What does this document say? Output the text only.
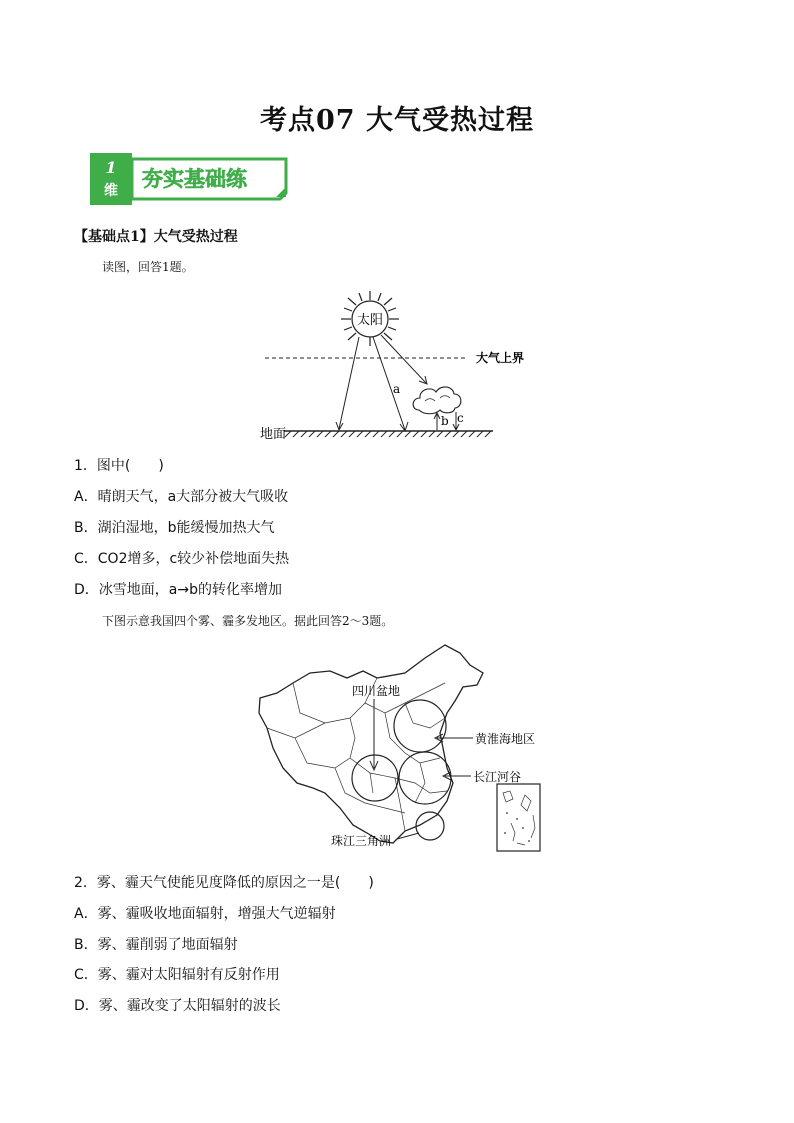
考点07 大气受热过程
1
维 夯实基础练
【基础点1】大气受热过程
读图，回答1题。
太阳
大气上界
a
b c
地面
1．图中(　　)
A．晴朗天气，a大部分被大气吸收
B．湖泊湿地，b能缓慢加热大气
C．CO2增多，c较少补偿地面失热
D．冰雪地面，a→b的转化率增加
下图示意我国四个雾、霾多发地区。据此回答2～3题。
四川盆地
黄淮海地区
长江河谷
珠江三角洲
2．雾、霾天气使能见度降低的原因之一是(　　)
A．雾、霾吸收地面辐射，增强大气逆辐射
B．雾、霾削弱了地面辐射
C．雾、霾对太阳辐射有反射作用
D．雾、霾改变了太阳辐射的波长
